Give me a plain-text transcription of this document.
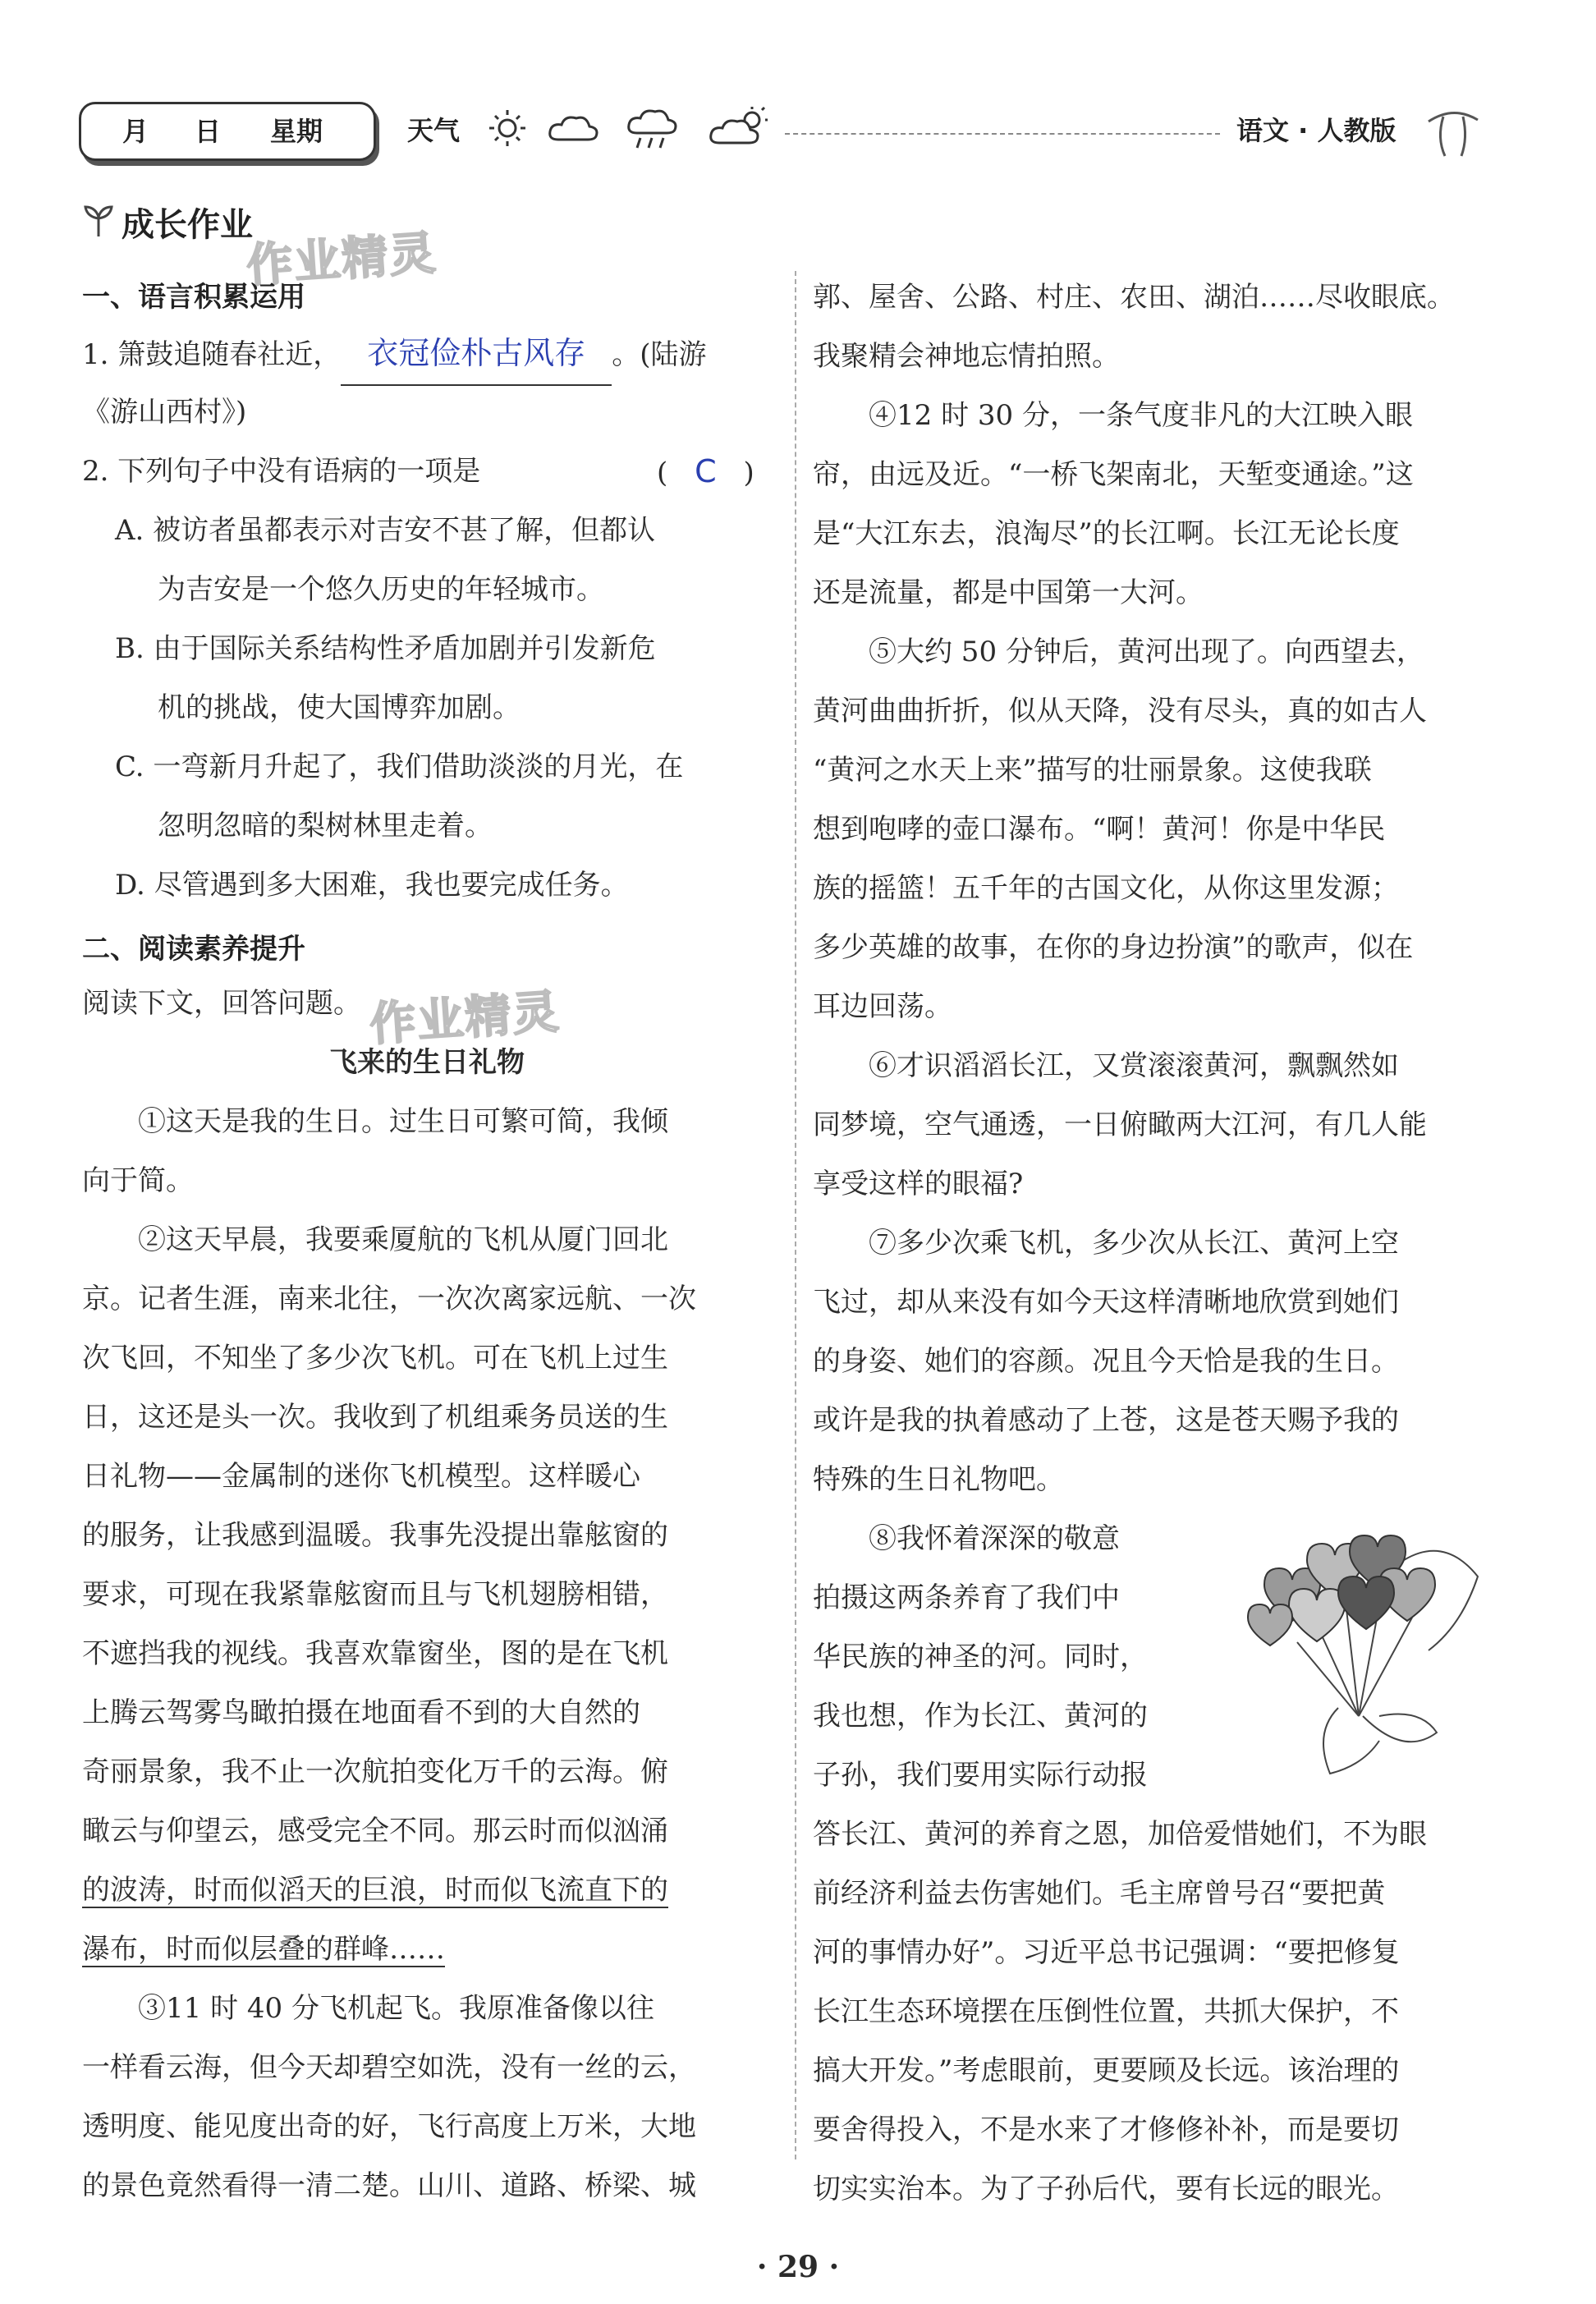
月 日 星期	天气	语文 · 人教版
成长作业
作业精灵
一、语言积累运用
1. 箫鼓追随春社近， 衣冠俭朴古风存 。(陆游
《游山西村》)
2. 下列句子中没有语病的一项是	( C )
A. 被访者虽都表示对吉安不甚了解，但都认
为吉安是一个悠久历史的年轻城市。
B. 由于国际关系结构性矛盾加剧并引发新危
机的挑战，使大国博弈加剧。
C. 一弯新月升起了，我们借助淡淡的月光，在
忽明忽暗的梨树林里走着。
D. 尽管遇到多大困难，我也要完成任务。
二、阅读素养提升
阅读下文，回答问题。 作业精灵
飞来的生日礼物
①这天是我的生日。过生日可繁可简，我倾
向于简。
②这天早晨，我要乘厦航的飞机从厦门回北
京。记者生涯，南来北往，一次次离家远航、一次
次飞回，不知坐了多少次飞机。可在飞机上过生
日，这还是头一次。我收到了机组乘务员送的生
日礼物——金属制的迷你飞机模型。这样暖心
的服务，让我感到温暖。我事先没提出靠舷窗的
要求，可现在我紧靠舷窗而且与飞机翅膀相错，
不遮挡我的视线。我喜欢靠窗坐，图的是在飞机
上腾云驾雾鸟瞰拍摄在地面看不到的大自然的
奇丽景象，我不止一次航拍变化万千的云海。俯
瞰云与仰望云，感受完全不同。那云时而似汹涌
的波涛，时而似滔天的巨浪，时而似飞流直下的
瀑布，时而似层叠的群峰……
③11 时 40 分飞机起飞。我原准备像以往
一样看云海，但今天却碧空如洗，没有一丝的云，
透明度、能见度出奇的好，飞行高度上万米，大地
的景色竟然看得一清二楚。山川、道路、桥梁、城
郭、屋舍、公路、村庄、农田、湖泊……尽收眼底。
我聚精会神地忘情拍照。
④12 时 30 分，一条气度非凡的大江映入眼
帘，由远及近。“一桥飞架南北，天堑变通途。”这
是“大江东去，浪淘尽”的长江啊。长江无论长度
还是流量，都是中国第一大河。
⑤大约 50 分钟后，黄河出现了。向西望去，
黄河曲曲折折，似从天降，没有尽头，真的如古人
“黄河之水天上来”描写的壮丽景象。这使我联
想到咆哮的壶口瀑布。“啊！黄河！你是中华民
族的摇篮！五千年的古国文化，从你这里发源；
多少英雄的故事，在你的身边扮演”的歌声，似在
耳边回荡。
⑥才识滔滔长江，又赏滚滚黄河，飘飘然如
同梦境，空气通透，一日俯瞰两大江河，有几人能
享受这样的眼福?
⑦多少次乘飞机，多少次从长江、黄河上空
飞过，却从来没有如今天这样清晰地欣赏到她们
的身姿、她们的容颜。况且今天恰是我的生日。
或许是我的执着感动了上苍，这是苍天赐予我的
特殊的生日礼物吧。
⑧我怀着深深的敬意
拍摄这两条养育了我们中
华民族的神圣的河。同时，
我也想，作为长江、黄河的
子孙，我们要用实际行动报
答长江、黄河的养育之恩，加倍爱惜她们，不为眼
前经济利益去伤害她们。毛主席曾号召“要把黄
河的事情办好”。习近平总书记强调：“要把修复
长江生态环境摆在压倒性位置，共抓大保护，不
搞大开发。”考虑眼前，更要顾及长远。该治理的
要舍得投入，不是水来了才修修补补，而是要切
切实实治本。为了子孙后代，要有长远的眼光。
· 29 ·
